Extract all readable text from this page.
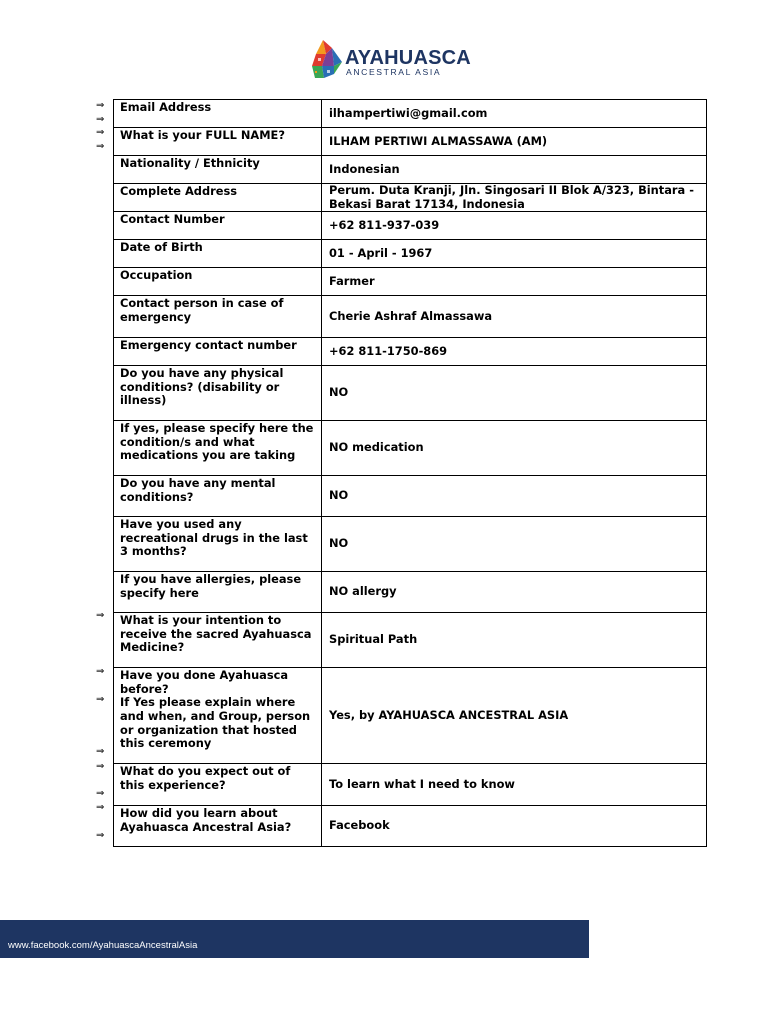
AYAHUASCA
ANCESTRAL ASIA
Email Address	ilhampertiwi@gmail.com
What is your FULL NAME?	ILHAM PERTIWI ALMASSAWA (AM)
Nationality / Ethnicity	Indonesian
Complete Address	Perum. Duta Kranji, Jln. Singosari II Blok A/323, Bintara - Bekasi Barat 17134, Indonesia
Contact Number	+62 811-937-039
Date of Birth	01 - April - 1967
Occupation	Farmer
Contact person in case of emergency	Cherie Ashraf Almassawa
Emergency contact number	+62 811-1750-869
Do you have any physical conditions? (disability or illness)	NO
If yes, please specify here the condition/s and what medications you are taking	NO medication
Do you have any mental conditions?	NO
Have you used any recreational drugs in the last 3 months?	NO
If you have allergies, please specify here	NO allergy
What is your intention to receive the sacred Ayahuasca Medicine?	Spiritual Path
Have you done Ayahuasca before?
If Yes please explain where and when, and Group, person or organization that hosted this ceremony	Yes, by AYAHUASCA ANCESTRAL ASIA
What do you expect out of this experience?	To learn what I need to know
How did you learn about Ayahuasca Ancestral Asia?	Facebook
⇒
⇒
⇒
⇒
⇒
⇒
⇒
⇒
⇒
⇒
⇒
⇒
www.facebook.com/AyahuascaAncestralAsia
